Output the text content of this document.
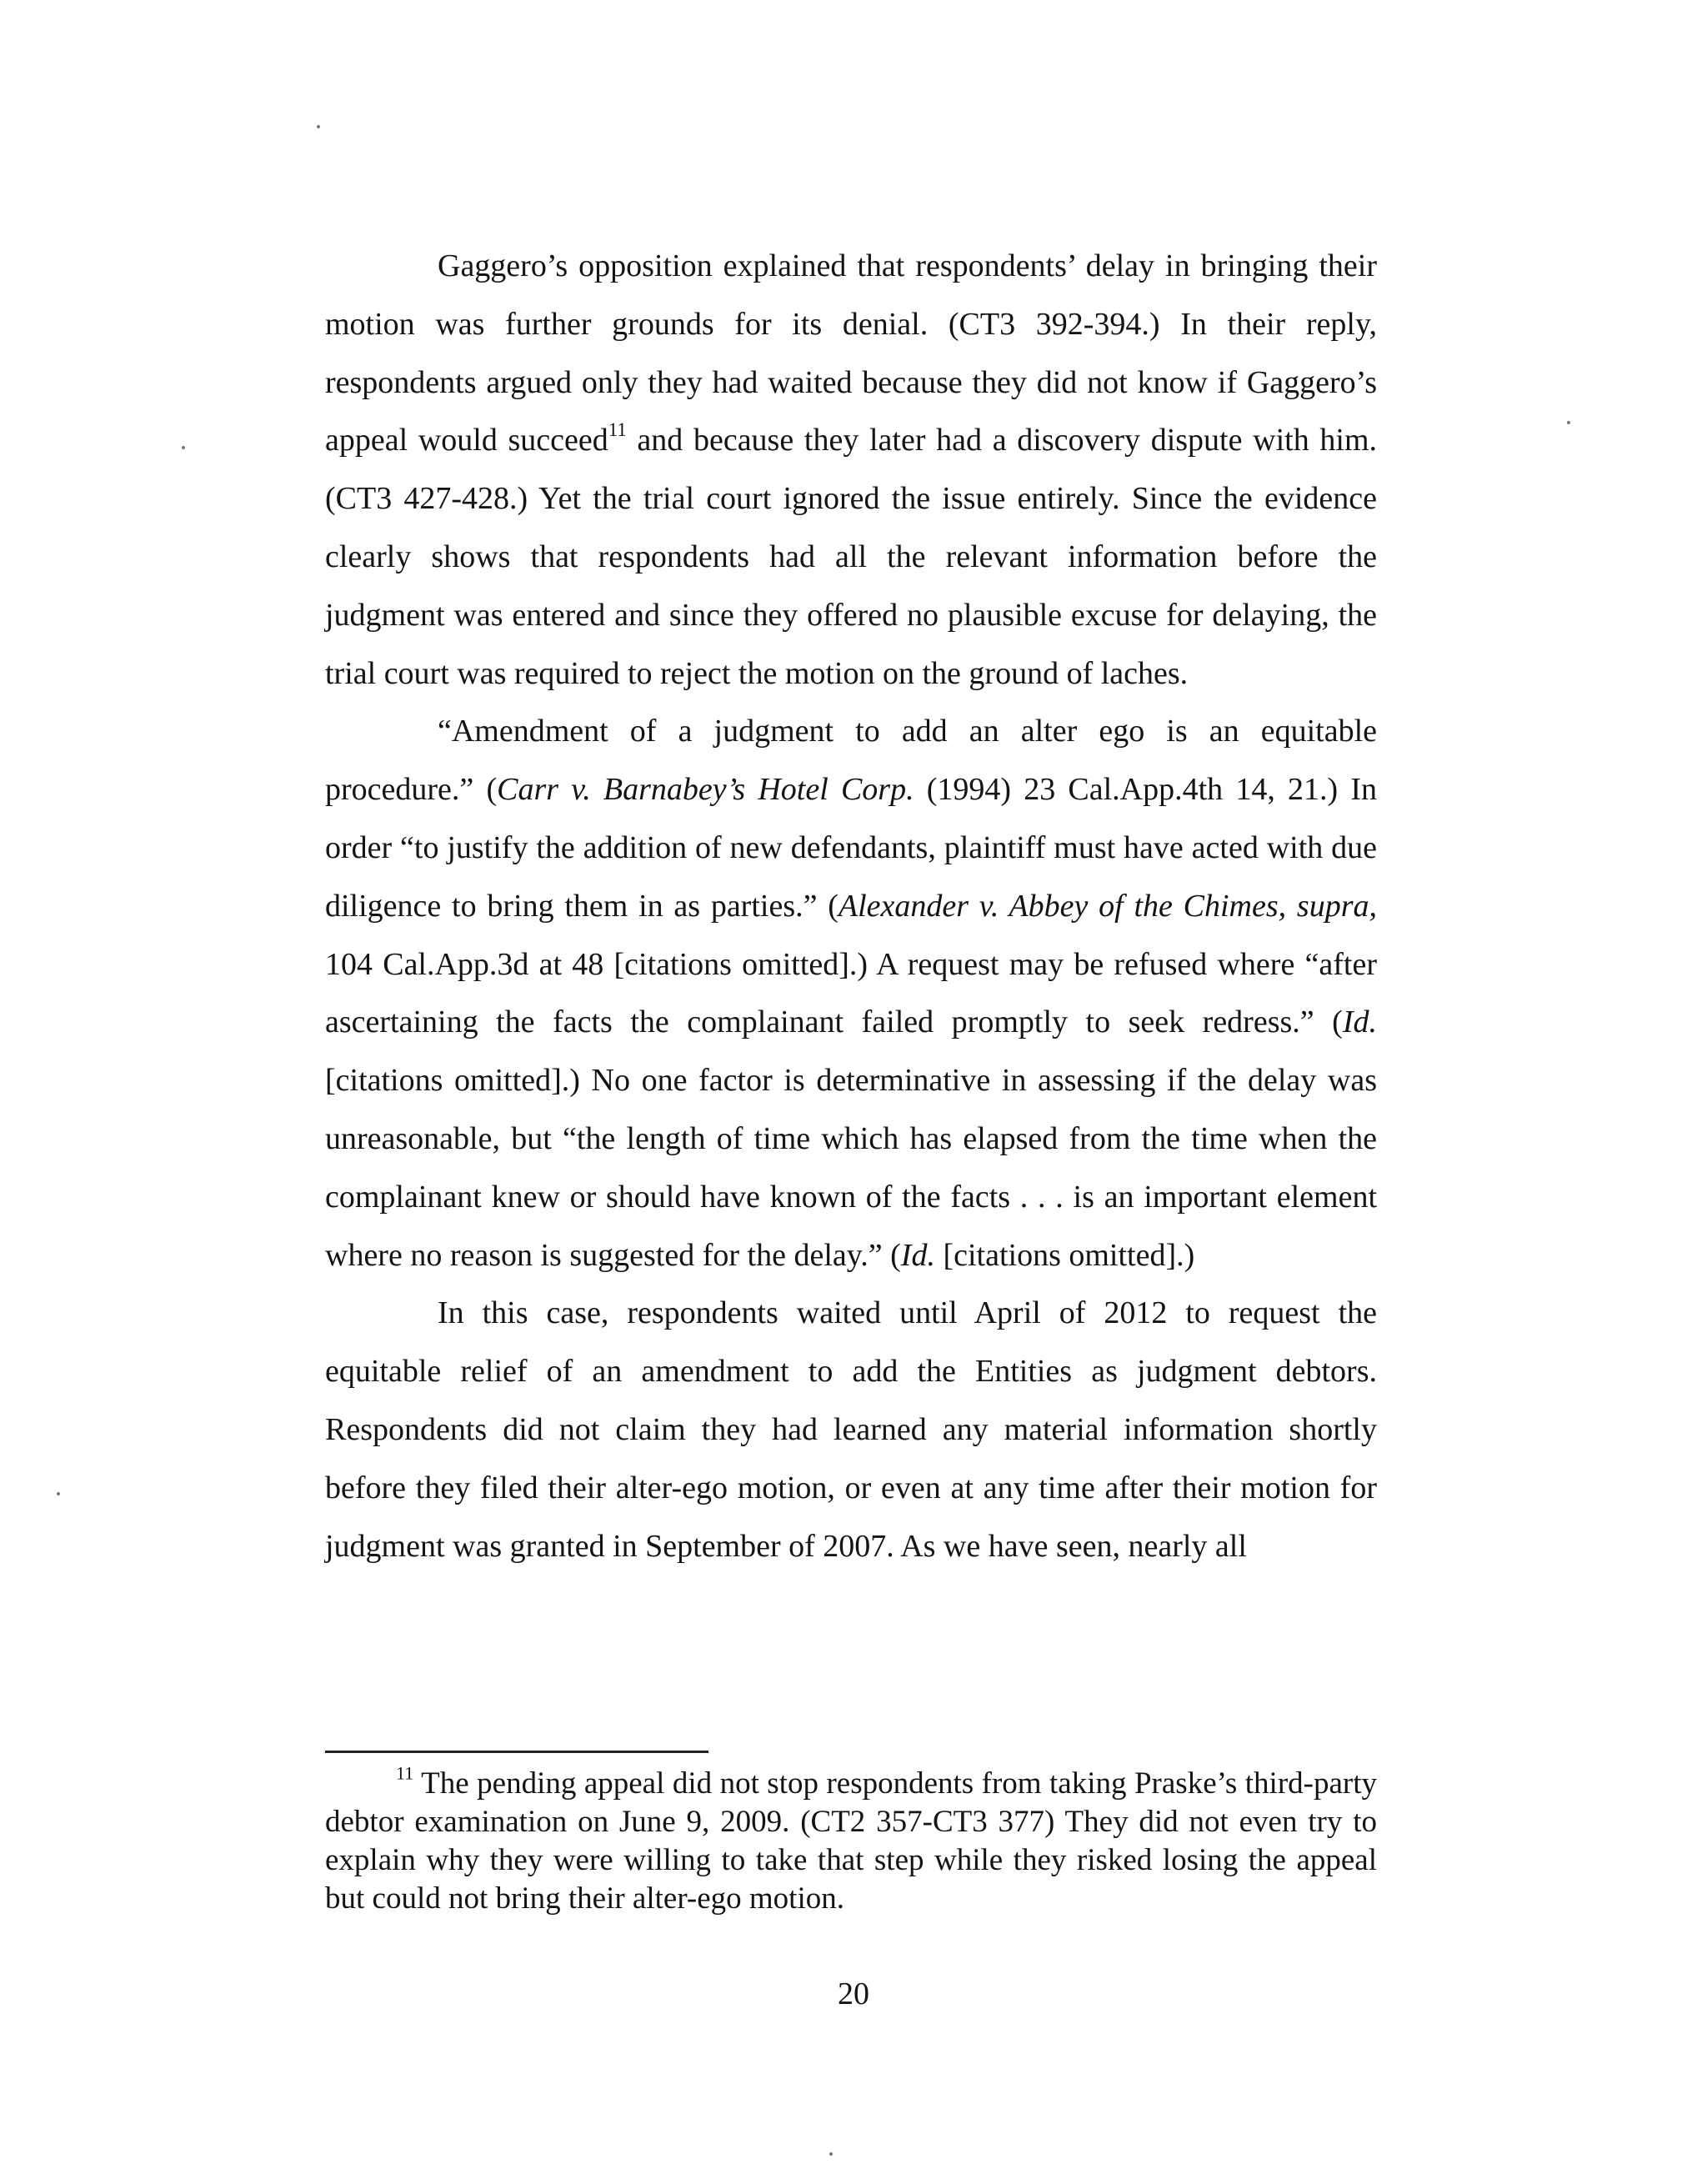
Gaggero’s opposition explained that respondents’ delay in bringing their motion was further grounds for its denial. (CT3 392-394.) In their reply, respondents argued only they had waited because they did not know if Gaggero’s appeal would succeed$^{11}$ and because they later had a discovery dispute with him. (CT3 427-428.) Yet the trial court ignored the issue entirely. Since the evidence clearly shows that respondents had all the relevant information before the judgment was entered and since they offered no plausible excuse for delaying, the trial court was required to reject the motion on the ground of laches.

“Amendment of a judgment to add an alter ego is an equitable procedure.” (Carr v. Barnabey’s Hotel Corp. (1994) 23 Cal.App.4th 14, 21.) In order “to justify the addition of new defendants, plaintiff must have acted with due diligence to bring them in as parties.” (Alexander v. Abbey of the Chimes, supra, 104 Cal.App.3d at 48 [citations omitted].) A request may be refused where “after ascertaining the facts the complainant failed promptly to seek redress.” (Id. [citations omitted].) No one factor is determinative in assessing if the delay was unreasonable, but “the length of time which has elapsed from the time when the complainant knew or should have known of the facts . . . is an important element where no reason is suggested for the delay.” (Id. [citations omitted].)

In this case, respondents waited until April of 2012 to request the equitable relief of an amendment to add the Entities as judgment debtors. Respondents did not claim they had learned any material information shortly before they filed their alter-ego motion, or even at any time after their motion for judgment was granted in September of 2007. As we have seen, nearly all

$^{11}$ The pending appeal did not stop respondents from taking Praske’s third-party debtor examination on June 9, 2009. (CT2 357-CT3 377) They did not even try to explain why they were willing to take that step while they risked losing the appeal but could not bring their alter-ego motion.

20
